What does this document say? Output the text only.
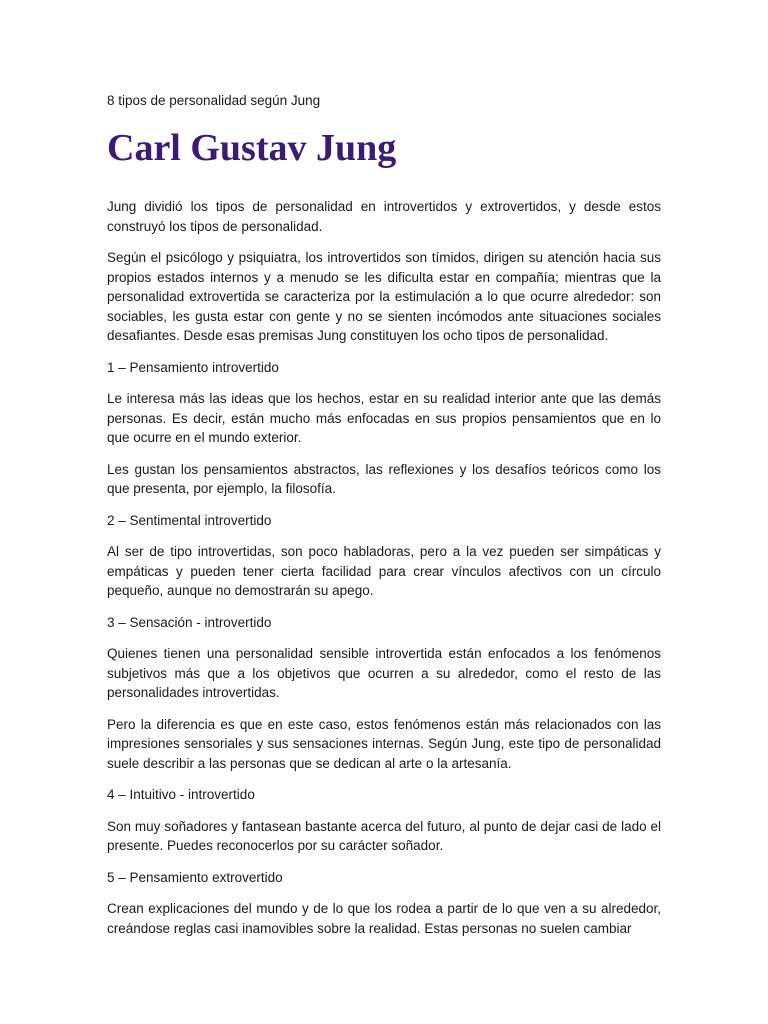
8 tipos de personalidad según Jung

Carl Gustav Jung

Jung dividió los tipos de personalidad en introvertidos y extrovertidos, y desde estos construyó los tipos de personalidad.

Según el psicólogo y psiquiatra, los introvertidos son tímidos, dirigen su atención hacia sus propios estados internos y a menudo se les dificulta estar en compañía; mientras que la personalidad extrovertida se caracteriza por la estimulación a lo que ocurre alrededor: son sociables, les gusta estar con gente y no se sienten incómodos ante situaciones sociales desafiantes. Desde esas premisas Jung constituyen los ocho tipos de personalidad.

1 – Pensamiento introvertido

Le interesa más las ideas que los hechos, estar en su realidad interior ante que las demás personas. Es decir, están mucho más enfocadas en sus propios pensamientos que en lo que ocurre en el mundo exterior.

Les gustan los pensamientos abstractos, las reflexiones y los desafíos teóricos como los que presenta, por ejemplo, la filosofía.

2 – Sentimental introvertido

Al ser de tipo introvertidas, son poco habladoras, pero a la vez pueden ser simpáticas y empáticas y pueden tener cierta facilidad para crear vínculos afectivos con un círculo pequeño, aunque no demostrarán su apego.

3 – Sensación - introvertido

Quienes tienen una personalidad sensible introvertida están enfocados a los fenómenos subjetivos más que a los objetivos que ocurren a su alrededor, como el resto de las personalidades introvertidas.

Pero la diferencia es que en este caso, estos fenómenos están más relacionados con las impresiones sensoriales y sus sensaciones internas. Según Jung, este tipo de personalidad suele describir a las personas que se dedican al arte o la artesanía.

4 – Intuitivo - introvertido

Son muy soñadores y fantasean bastante acerca del futuro, al punto de dejar casi de lado el presente. Puedes reconocerlos por su carácter soñador.

5 – Pensamiento extrovertido

Crean explicaciones del mundo y de lo que los rodea a partir de lo que ven a su alrededor, creándose reglas casi inamovibles sobre la realidad. Estas personas no suelen cambiar
